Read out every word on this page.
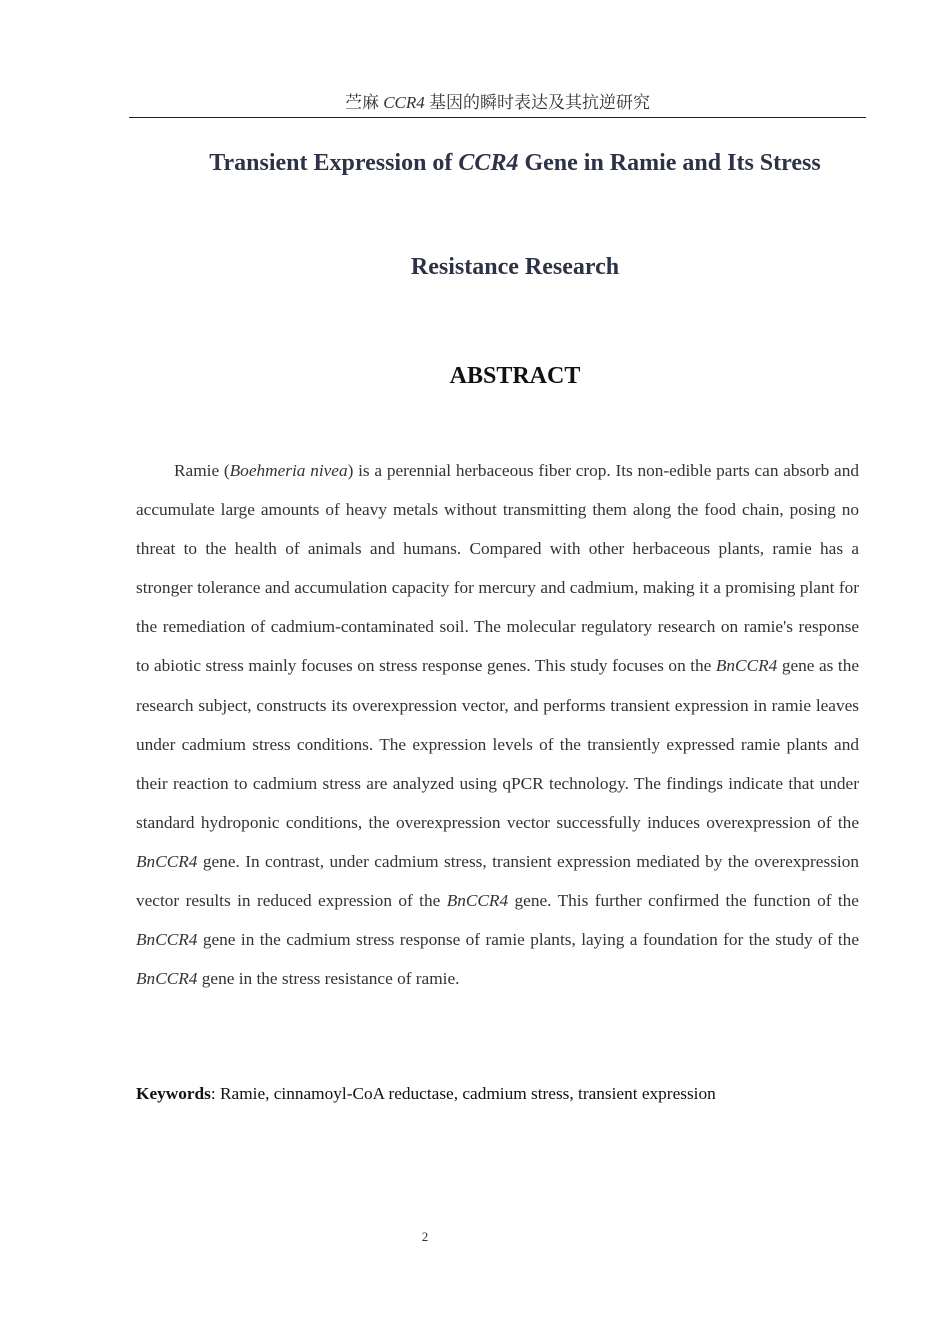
苎麻 CCR4 基因的瞬时表达及其抗逆研究
Transient Expression of CCR4 Gene in Ramie and Its Stress
Resistance Research
ABSTRACT

Ramie (Boehmeria nivea) is a perennial herbaceous fiber crop. Its non-edible parts can absorb and accumulate large amounts of heavy metals without transmitting them along the food chain, posing no threat to the health of animals and humans. Compared with other herbaceous plants, ramie has a stronger tolerance and accumulation capacity for mercury and cadmium, making it a promising plant for the remediation of cadmium-contaminated soil. The molecular regulatory research on ramie's response to abiotic stress mainly focuses on stress response genes. This study focuses on the BnCCR4 gene as the research subject, constructs its overexpression vector, and performs transient expression in ramie leaves under cadmium stress conditions. The expression levels of the transiently expressed ramie plants and their reaction to cadmium stress are analyzed using qPCR technology. The findings indicate that under standard hydroponic conditions, the overexpression vector successfully induces overexpression of the BnCCR4 gene. In contrast, under cadmium stress, transient expression mediated by the overexpression vector results in reduced expression of the BnCCR4 gene. This further confirmed the function of the BnCCR4 gene in the cadmium stress response of ramie plants, laying a foundation for the study of the BnCCR4 gene in the stress resistance of ramie.

Keywords: Ramie, cinnamoyl-CoA reductase, cadmium stress, transient expression

2
